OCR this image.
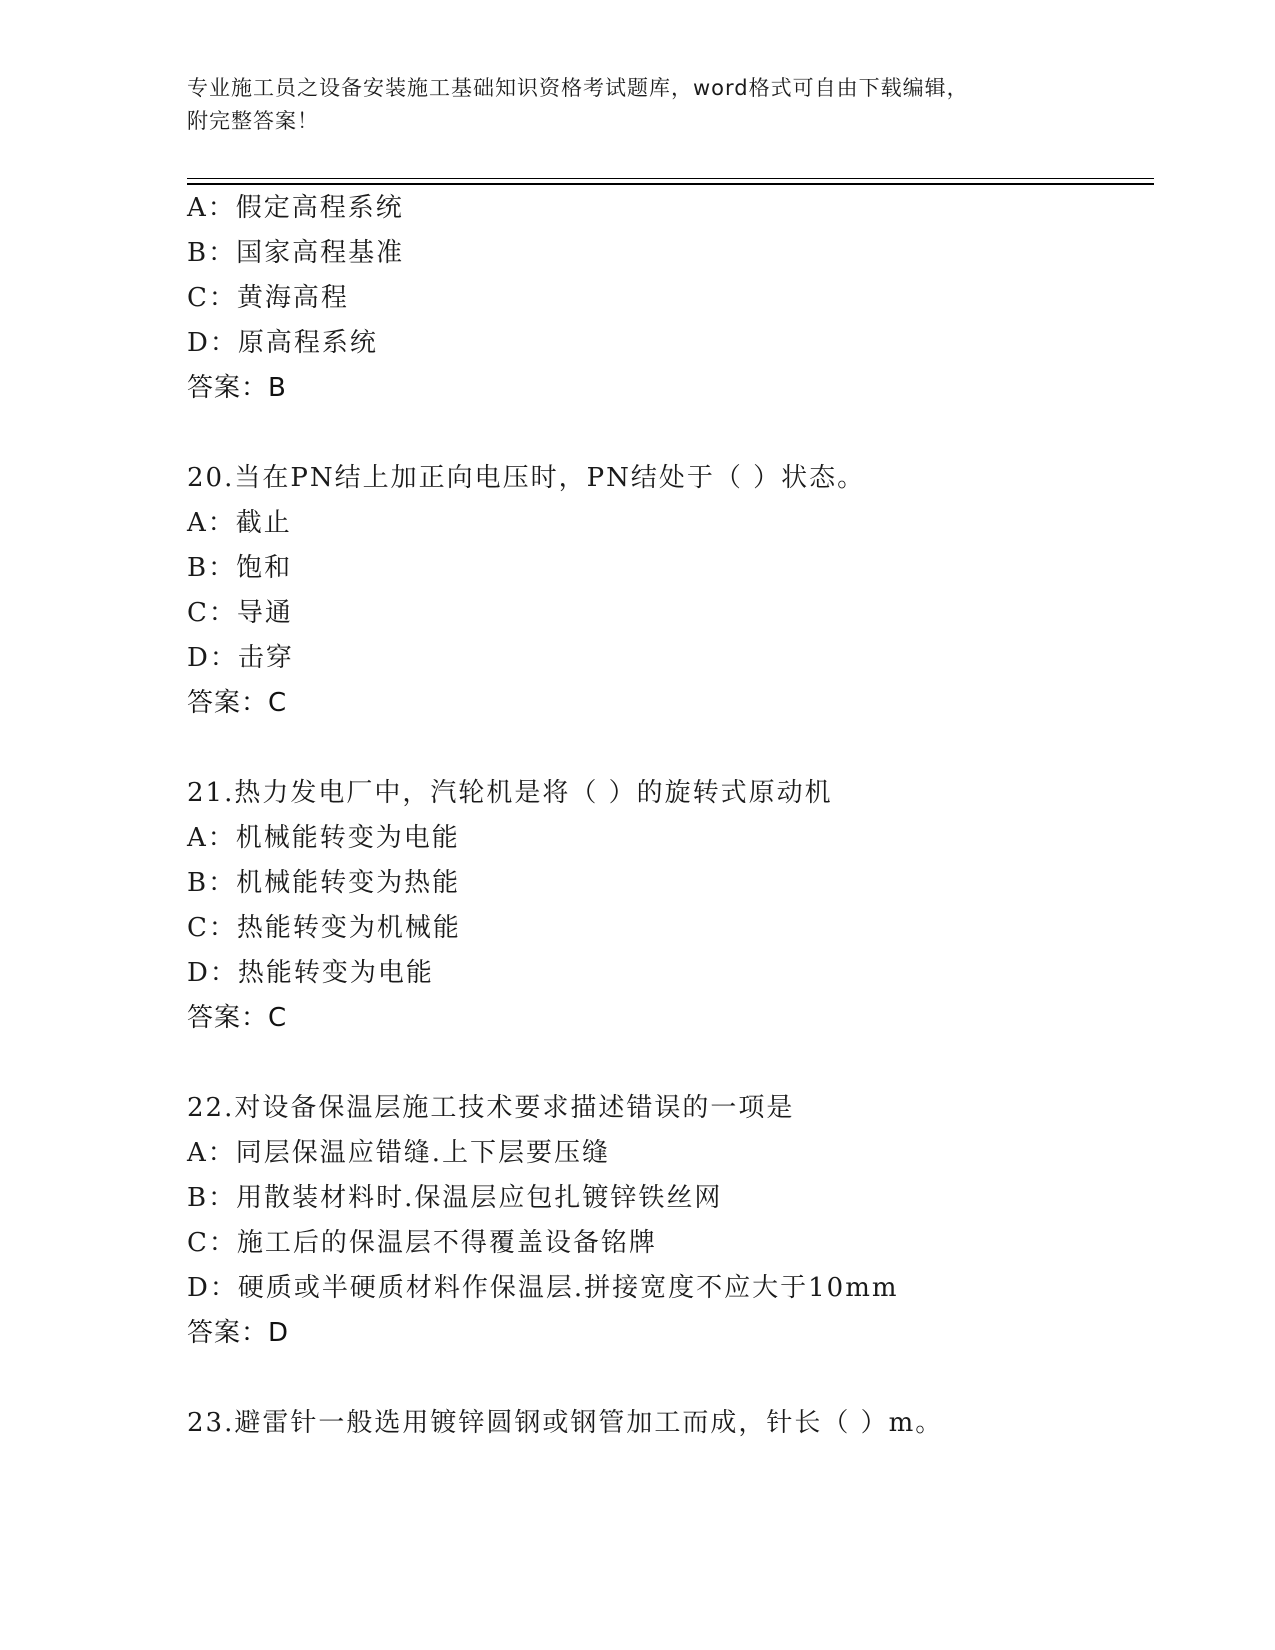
专业施工员之设备安装施工基础知识资格考试题库，word格式可自由下载编辑，
附完整答案！
A：假定高程系统
B：国家高程基准
C：黄海高程
D：原高程系统
答案：B
20.当在PN结上加正向电压时，PN结处于（ ）状态。
A：截止
B：饱和
C：导通
D：击穿
答案：C
21.热力发电厂中，汽轮机是将（ ）的旋转式原动机
A：机械能转变为电能
B：机械能转变为热能
C：热能转变为机械能
D：热能转变为电能
答案：C
22.对设备保温层施工技术要求描述错误的一项是
A：同层保温应错缝.上下层要压缝
B：用散装材料时.保温层应包扎镀锌铁丝网
C：施工后的保温层不得覆盖设备铭牌
D：硬质或半硬质材料作保温层.拼接宽度不应大于10mm
答案：D
23.避雷针一般选用镀锌圆钢或钢管加工而成，针长（ ）m。
